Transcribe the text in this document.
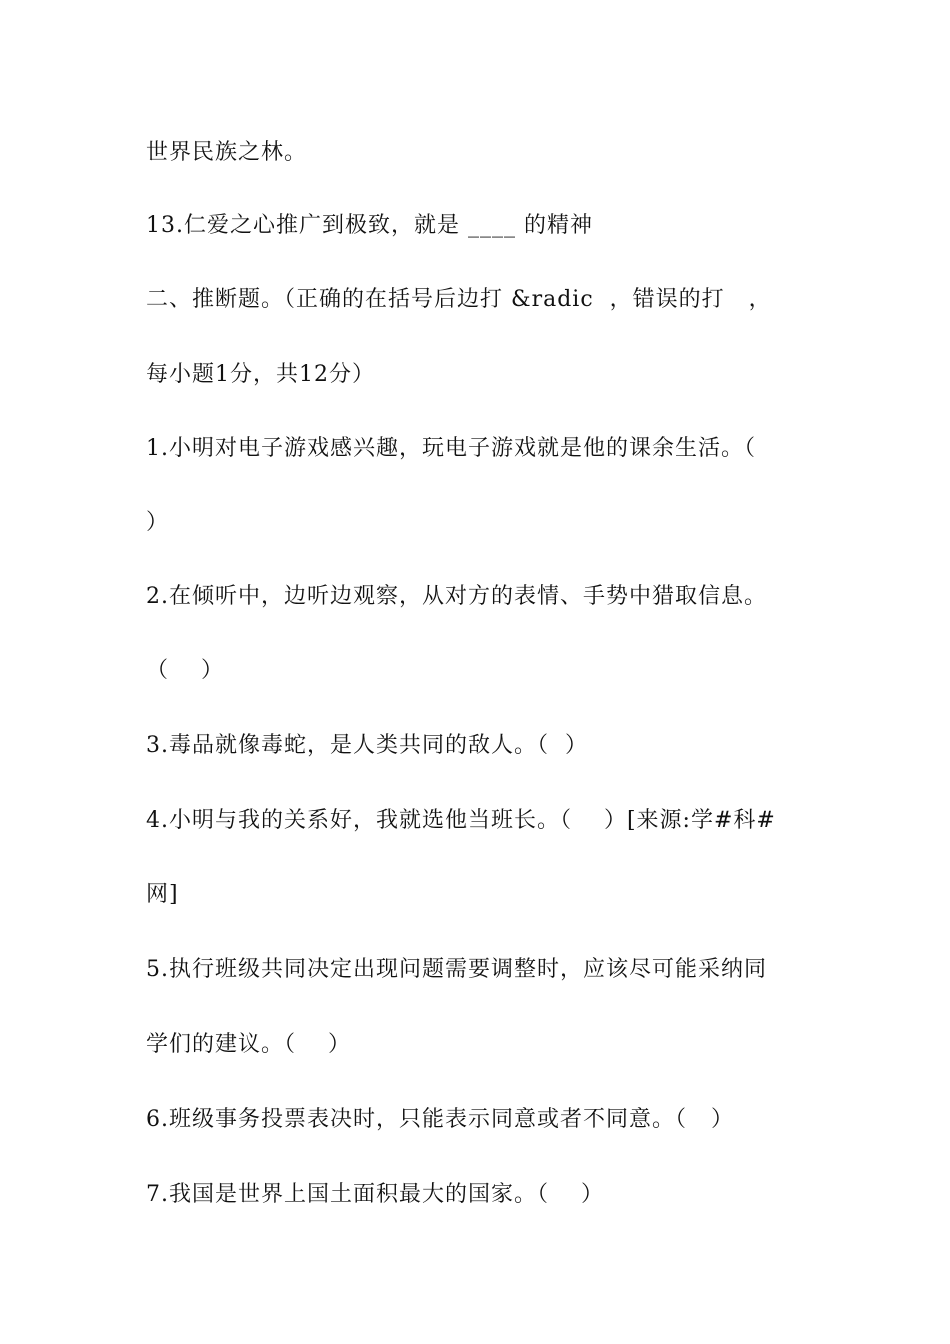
世界民族之林。
13.仁爱之心推广到极致，就是 ____ 的精神
二、推断题。（正确的在括号后边打 &radic  ，错误的打   ，
每小题1分，共12分）
1.小明对电子游戏感兴趣，玩电子游戏就是他的课余生活。（
）
2.在倾听中，边听边观察，从对方的表情、手势中猎取信息。
（    ）
3.毒品就像毒蛇，是人类共同的敌人。（  ）
4.小明与我的关系好，我就选他当班长。（    ）[来源:学#科#
网]
5.执行班级共同决定出现问题需要调整时，应该尽可能采纳同
学们的建议。（    ）
6.班级事务投票表决时，只能表示同意或者不同意。（   ）
7.我国是世界上国土面积最大的国家。（    ）
